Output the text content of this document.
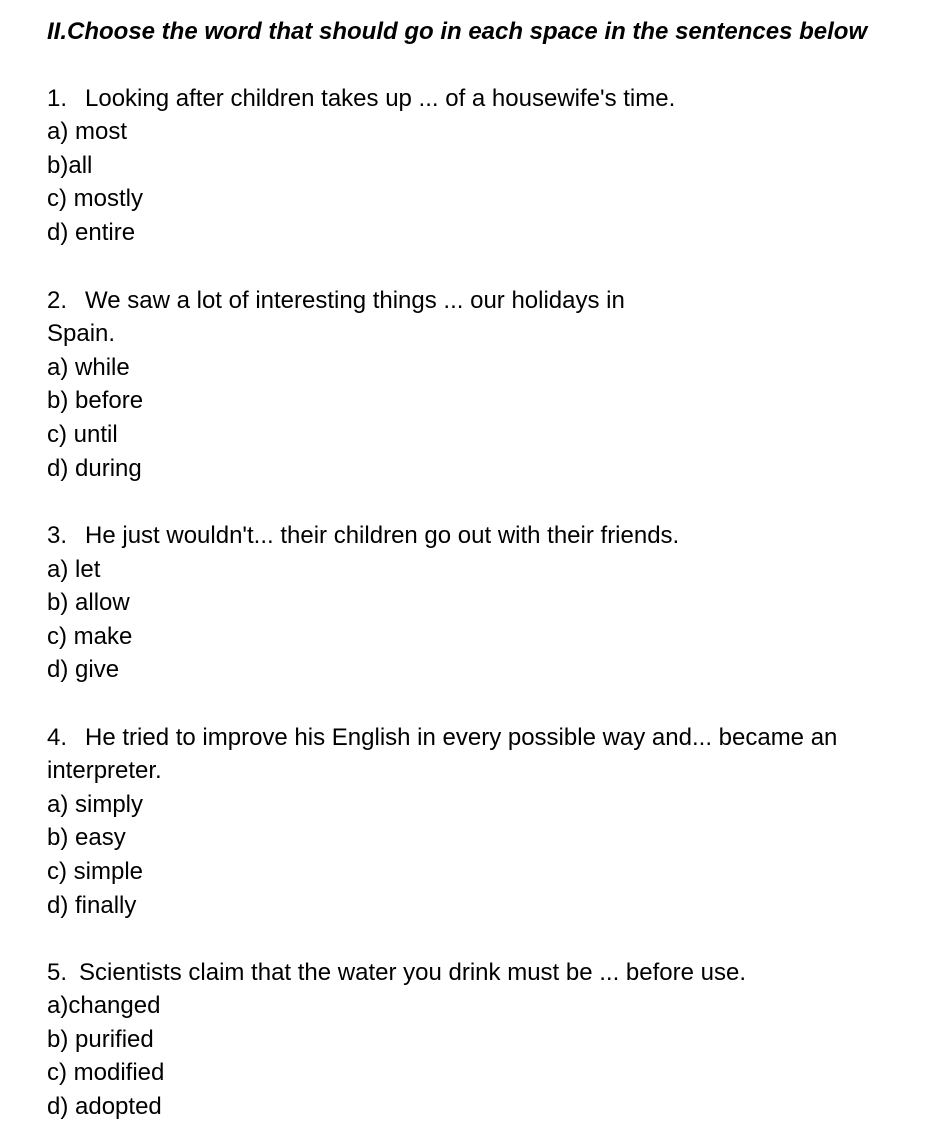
II.Choose the word that should go in each space in the sentences below
1. Looking after children takes up ... of a housewife's time.
a) most
b)all
c) mostly
d) entire
2. We saw a lot of interesting things ... our holidays in
Spain.
a) while
b) before
c) until
d) during
3. He just wouldn't... their children go out with their friends.
a) let
b) allow
c) make
d) give
4. He tried to improve his English in every possible way and... became an
interpreter.
a) simply
b) easy
c) simple
d) finally
5. Scientists claim that the water you drink must be ... before use.
a)changed
b) purified
c) modified
d) adopted
